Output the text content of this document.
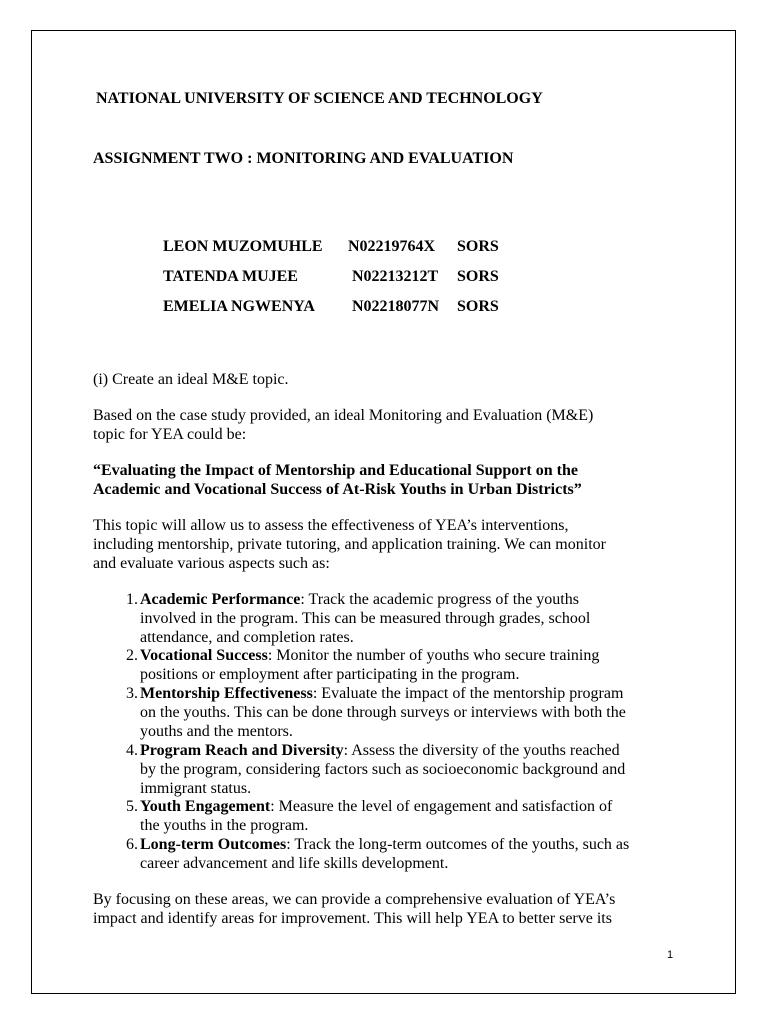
NATIONAL UNIVERSITY OF SCIENCE AND TECHNOLOGY
ASSIGNMENT TWO : MONITORING AND EVALUATION
LEON MUZOMUHLE N02219764X SORS
TATENDA MUJEE	N02213212T SORS
EMELIA NGWENYA N02218077N SORS
(i) Create an ideal M&E topic.
Based on the case study provided, an ideal Monitoring and Evaluation (M&E)
topic for YEA could be:
“Evaluating the Impact of Mentorship and Educational Support on the
Academic and Vocational Success of At-Risk Youths in Urban Districts”
This topic will allow us to assess the effectiveness of YEA’s interventions,
including mentorship, private tutoring, and application training. We can monitor
and evaluate various aspects such as:
1. Academic Performance: Track the academic progress of the youths
involved in the program. This can be measured through grades, school
attendance, and completion rates.
2. Vocational Success: Monitor the number of youths who secure training
positions or employment after participating in the program.
3. Mentorship Effectiveness: Evaluate the impact of the mentorship program
on the youths. This can be done through surveys or interviews with both the
youths and the mentors.
4. Program Reach and Diversity: Assess the diversity of the youths reached
by the program, considering factors such as socioeconomic background and
immigrant status.
5. Youth Engagement: Measure the level of engagement and satisfaction of
the youths in the program.
6. Long-term Outcomes: Track the long-term outcomes of the youths, such as
career advancement and life skills development.
By focusing on these areas, we can provide a comprehensive evaluation of YEA’s
impact and identify areas for improvement. This will help YEA to better serve its
1
